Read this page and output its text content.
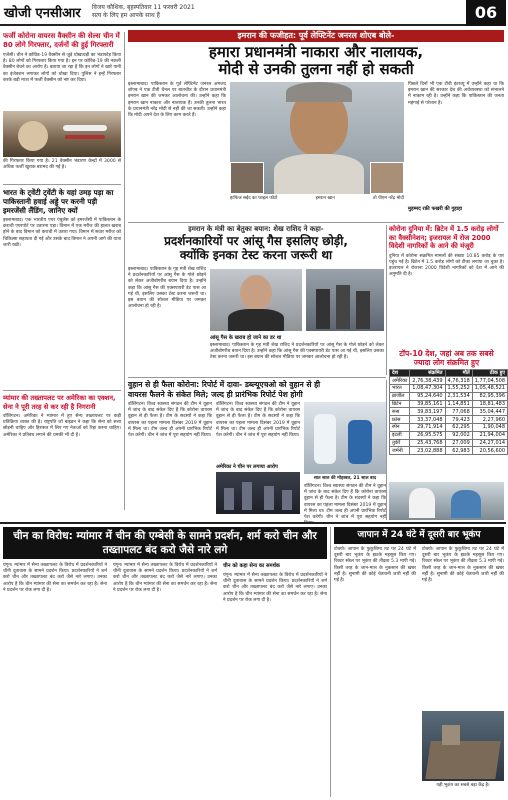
खोजी एनसीआर विजय कौशिक, बृहस्पतिवार 11 फरवरी 2021
सत्य के लिए हम आपके साथ हैं	06
फर्जी कोरोना वायरस वैक्सीन की सेल्स चीन में 80 लोगे गिरफ्तार, दर्जनों की हुई गिरफ्तारी
एजेंसी। चीन ने कोविड-19 वैक्सीन से जुड़े धोखाधड़ी का भंडाफोड़ किया है। 80 लोगों को गिरफ्तार किया गया है। इन पर कोविड-19 की नकली वैक्सीन बेचने का आरोप है। बताया जा रहा है कि इन लोगों ने खारे पानी का इंजेक्शन लगाकर लोगों को धोखा दिया। पुलिस ने इन्हें गिरफ्तार करके बड़ी मात्रा में फर्जी वैक्सीन को नष्ट कर दिया।
की गिरफ्तार किया गया है। 21 वैक्सीन भंडारण केन्द्रों में 3000 से अधिक फर्जी खुराक बरामद की गई है।
भारत के ट्वेंटी ट्वेंटी के यहां उमड़ पड़ा का पाकिस्तानी हवाई अड्डे पर करनी पड़ी इमरजेंसी लैंडिंग, जानिए क्यों
इस्लामाबाद। एक भारतीय एयर एंबुलेंस को इमरजेंसी में पाकिस्तान के कराची एयरपोर्ट पर उतारना पड़ा। विमान में एक मरीज की हालत खराब होने के बाद विमान को कराची में उतारा गया। विमान में सवार मरीज को चिकित्सा सहायता दी गई और उसके बाद विमान ने अपनी आगे की यात्रा जारी रखी।
म्यांमार की तख्तापलट पर अमेरिका का एक्शन, सेना ने पूरी तरह से कर रही है निगरानी
वॉशिंगटन। अमेरिका ने म्यांमार में हुए सैन्य तख्तापलट पर कड़ी प्रतिक्रिया व्यक्त की है। राष्ट्रपति जो बाइडन ने कहा कि सेना को सत्ता छोड़नी चाहिए और हिरासत में लिए गए नेताओं को रिहा करना चाहिए। अमेरिका ने प्रतिबंध लगाने की धमकी भी दी है।
इमरान की फजीहत: पूर्व लेफ्टिनेंट जनरल शोएब बोले-
हमारा प्रधानमंत्री नाकारा और नालायक,
मोदी से उनकी तुलना नहीं हो सकती
इस्लामाबाद। पाकिस्तान के पूर्व लेफ्टिनेंट जनरल अमजद शोएब ने एक टीवी चैनल पर बातचीत के दौरान प्रधानमंत्री इमरान खान की जमकर आलोचना की। उन्होंने कहा कि इमरान खान नाकारा और नालायक हैं। उनकी तुलना भारत के प्रधानमंत्री नरेंद्र मोदी से नहीं की जा सकती। उन्होंने कहा कि मोदी अपने देश के लिए काम करते हैं।
हाफिज सईद का फाइल फोटो	इमरान खान	तो पीएम नरेंद्र मोदी
पिछले दिनों भी एक टीवी इंटरव्यू में उन्होंने कहा था कि इमरान खान की सरकार देश की अर्थव्यवस्था को संभालने में नाकाम रही है। उन्होंने कहा कि पाकिस्तान की जनता महंगाई से परेशान है।
मुहम्मद रफ़ी फखरी की गुहाहा
इमरान के मंत्री का बेतुका बयान: शेख राशिद ने कहा-
प्रदर्शनकारियों पर आंसू गैस इसलिए छोड़ी,
क्योंकि इनका टेस्ट करना जरूरी था
इस्लामाबाद। पाकिस्तान के गृह मंत्री शेख राशिद ने प्रदर्शनकारियों पर आंसू गैस के गोले छोड़ने को लेकर अजीबोगरीब बयान दिया है। उन्होंने कहा कि आंसू गैस की एक्सपायरी डेट पास आ गई थी, इसलिए उसका टेस्ट करना जरूरी था। इस बयान की सोशल मीडिया पर जमकर आलोचना हो रही है।
आंसू गैस के खराब हो जाने का डर था
इस्लामाबाद। पाकिस्तान के गृह मंत्री शेख राशिद ने प्रदर्शनकारियों पर आंसू गैस के गोले छोड़ने को लेकर अजीबोगरीब बयान दिया है। उन्होंने कहा कि आंसू गैस की एक्सपायरी डेट पास आ गई थी, इसलिए उसका टेस्ट करना जरूरी था। इस बयान की सोशल मीडिया पर जमकर आलोचना हो रही है।
कोरोना दुनिया में: ब्रिटेन में 1.5 करोड़ लोगों का वैक्सीनेशन; इजरायल में रोज 2000 विदेशी नागरिकों के आने की मंजूरी
दुनिया में कोरोना संक्रमित मामलों की संख्या 10.85 करोड़ के पार पहुंच गई है। ब्रिटेन में 1.5 करोड़ लोगों को टीका लगाया जा चुका है। इजरायल ने रोजाना 2000 विदेशी नागरिकों को देश में आने की अनुमति दी है।
टॉप-10 देश, जहां अब तक सबसे
ज्यादा लोग संक्रमित हुए
देश	संक्रमित	मौतें	ठीक हुए
अमेरिका	2,76,38,439	4,76,318	1,77,04,508
भारत	1,08,47,304	1,55,252	1,05,48,521
ब्राजील	95,24,640	2,31,534	82,95,396
ब्रिटेन	39,85,161	1,14,851	18,81,483
रूस	39,83,197	77,068	35,04,447
फ्रांस	33,37,048	79,423	2,27,960
स्पेन	29,71,914	62,295	1,90,048
इटली	26,95,575	92,002	21,94,004
तुर्की	25,43,768	27,009	24,27,014
जर्मनी	23,02,888	62,983	20,56,600
वुहान से ही फैला कोरोना: रिपोर्ट में दावा- डब्ल्यूएचओ को वुहान से ही
वायरस फैलने के संकेत मिले; जल्द ही प्रारंभिक रिपोर्ट पेश होगी
वॉशिंगटन। विश्व स्वास्थ्य संगठन की टीम ने वुहान में जांच के बाद संकेत दिए हैं कि कोरोना वायरस वुहान से ही फैला है। टीम के सदस्यों ने कहा कि वायरस का पहला मामला दिसंबर 2019 में वुहान में मिला था। टीम जल्द ही अपनी प्रारंभिक रिपोर्ट पेश करेगी। चीन ने जांच में पूरा सहयोग नहीं किया।
वॉशिंगटन। विश्व स्वास्थ्य संगठन की टीम ने वुहान में जांच के बाद संकेत दिए हैं कि कोरोना वायरस वुहान से ही फैला है। टीम के सदस्यों ने कहा कि वायरस का पहला मामला दिसंबर 2019 में वुहान में मिला था। टीम जल्द ही अपनी प्रारंभिक रिपोर्ट पेश करेगी। चीन ने जांच में पूरा सहयोग नहीं किया।
अमेरिका ने चीन पर लगाया आरोप
सात साल की मोहब्बत, 21 साल बाद
वॉशिंगटन। विश्व स्वास्थ्य संगठन की टीम ने वुहान में जांच के बाद संकेत दिए हैं कि कोरोना वायरस वुहान से ही फैला है। टीम के सदस्यों ने कहा कि वायरस का पहला मामला दिसंबर 2019 में वुहान में मिला था। टीम जल्द ही अपनी प्रारंभिक रिपोर्ट पेश करेगी। चीन ने जांच में पूरा सहयोग नहीं
चीन का विरोध: म्यांमार में चीन की एम्बेसी के सामने प्रदर्शन, शर्म करो चीन और तख्तापलट बंद करो जैसे नारे लगे
यंगून। म्यांमार में सैन्य तख्तापलट के विरोध में प्रदर्शनकारियों ने चीनी दूतावास के सामने प्रदर्शन किया। प्रदर्शनकारियों ने शर्म करो चीन और तख्तापलट बंद करो जैसे नारे लगाए। उनका आरोप है कि चीन म्यांमार की सेना का समर्थन कर रहा है। सेना ने प्रदर्शन पर रोक लगा दी है।
यंगून। म्यांमार में सैन्य तख्तापलट के विरोध में प्रदर्शनकारियों ने चीनी दूतावास के सामने प्रदर्शन किया। प्रदर्शनकारियों ने शर्म करो चीन और तख्तापलट बंद करो जैसे नारे लगाए। उनका आरोप है कि चीन म्यांमार की सेना का समर्थन कर रहा है। सेना ने प्रदर्शन पर रोक लगा दी है।
चीन को कहा सेना का समर्थक
यंगून। म्यांमार में सैन्य तख्तापलट के विरोध में प्रदर्शनकारियों ने चीनी दूतावास के सामने प्रदर्शन किया। प्रदर्शनकारियों ने शर्म करो चीन और तख्तापलट बंद करो जैसे नारे लगाए। उनका आरोप है कि चीन म्यांमार की सेना का समर्थन कर रहा है। सेना ने प्रदर्शन पर रोक लगा दी है।
जापान में 24 घंटे में दूसरी बार भूकंप
टोक्यो। जापान के फुकुशिमा तट पर 24 घंटे में दूसरी बार भूकंप के झटके महसूस किए गए। रिक्टर स्केल पर भूकंप की तीव्रता 5.3 मापी गई। किसी तरह के जान-माल के नुकसान की खबर नहीं है। सुनामी की कोई चेतावनी जारी नहीं की गई है।
टोक्यो। जापान के फुकुशिमा तट पर 24 घंटे में दूसरी बार भूकंप के झटके महसूस किए गए। रिक्टर स्केल पर भूकंप की तीव्रता 5.3 मापी गई। किसी तरह के जान-माल के नुकसान की खबर नहीं है। सुनामी की कोई चेतावनी जारी नहीं की गई है।
यही भूकंप का सबसे बड़ा केंद्र है।
